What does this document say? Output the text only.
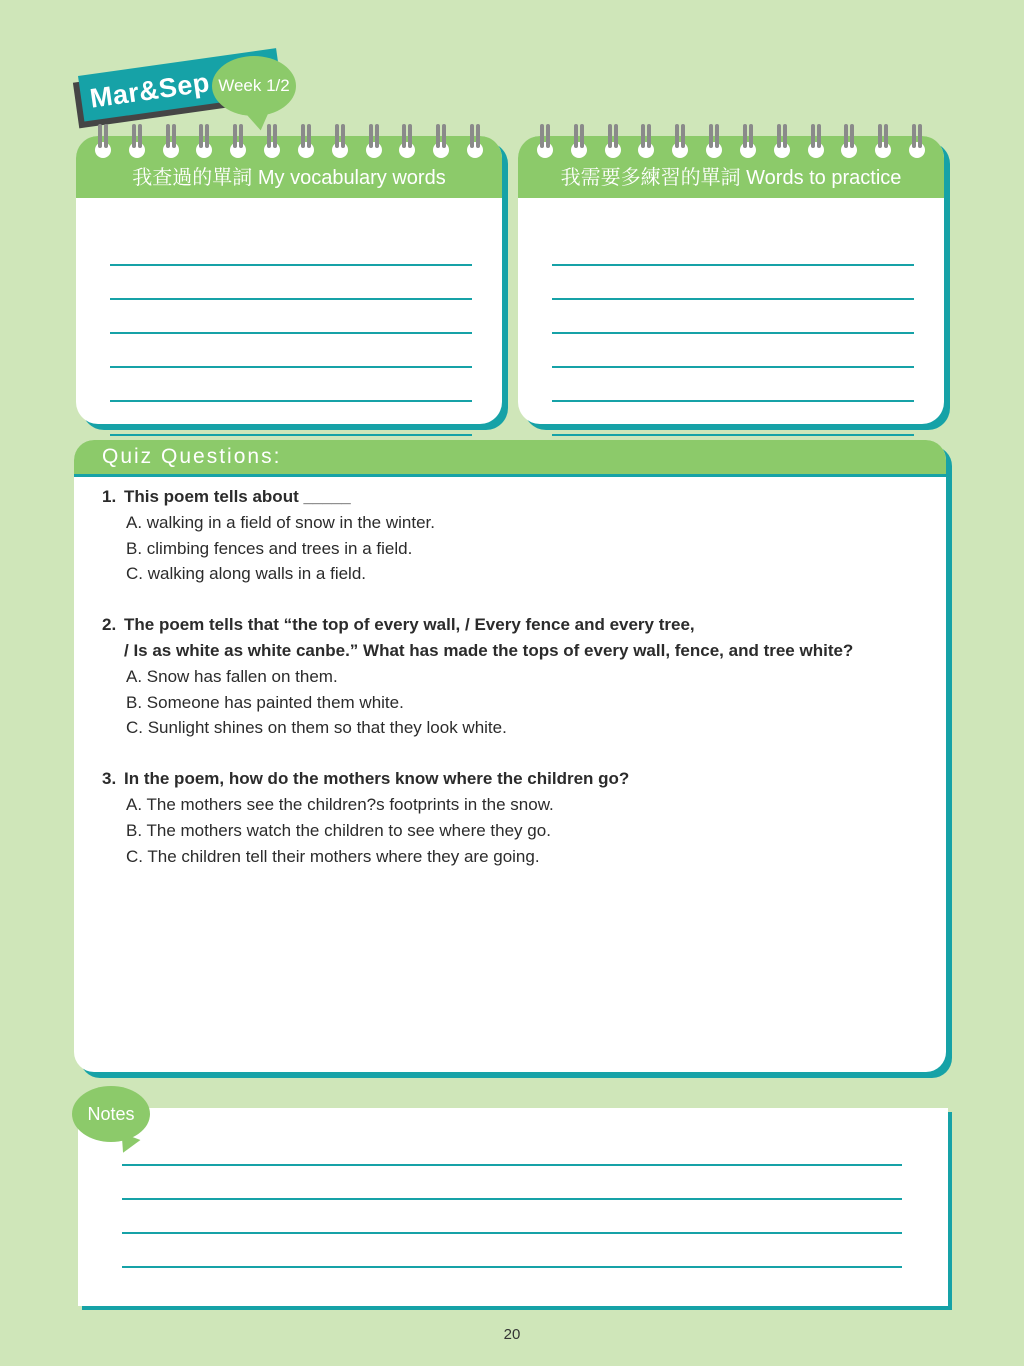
Mar&Sep Week 1/2
我查過的單詞 My vocabulary words	我需要多練習的單詞 Words to practice
Quiz Questions:
1. This poem tells about _____
A. walking in a field of snow in the winter.
B. climbing fences and trees in a field.
C. walking along walls in a field.
2. The poem tells that “the top of every wall, / Every fence and every tree,
/ Is as white as white canbe.” What has made the tops of every wall, fence, and tree white?
A. Snow has fallen on them.
B. Someone has painted them white.
C. Sunlight shines on them so that they look white.
3. In the poem, how do the mothers know where the children go?
A. The mothers see the children?s footprints in the snow.
B. The mothers watch the children to see where they go.
C. The children tell their mothers where they are going.
Notes
20
